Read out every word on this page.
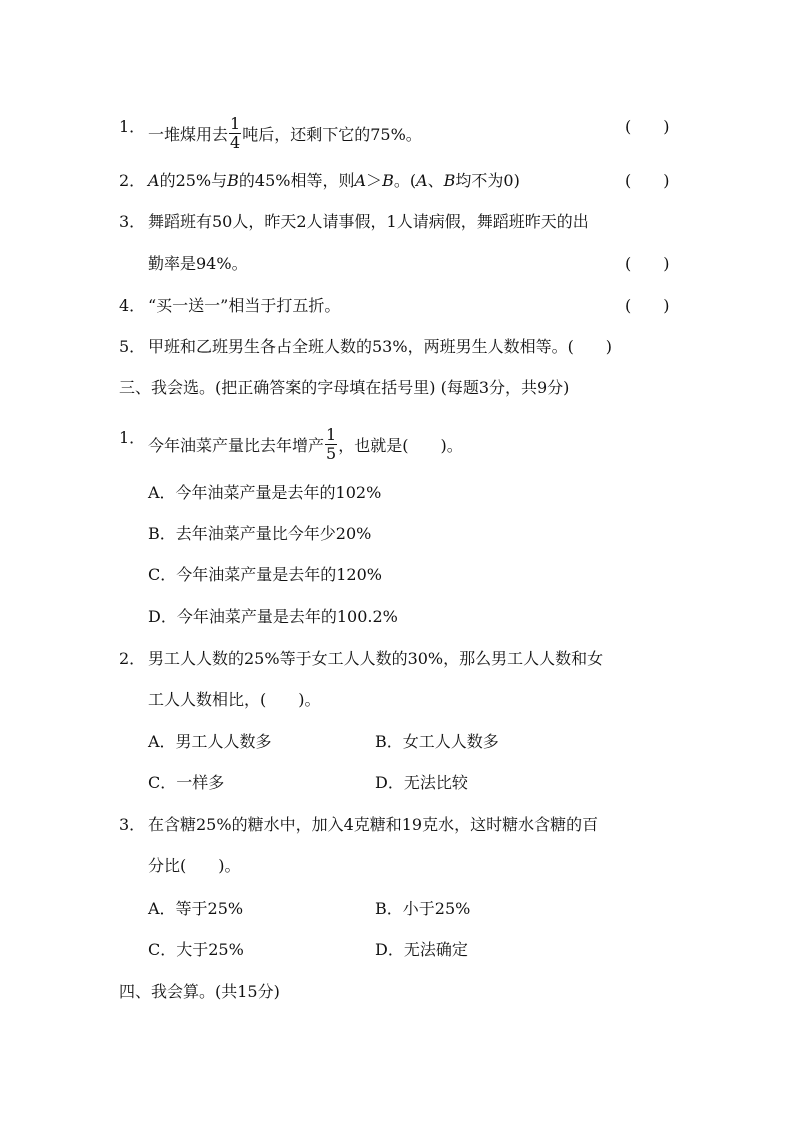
1． 一堆煤用去 $\frac{1}{4}$ 吨后，还剩下它的75%。	(　　)
2． A的25%与B的45%相等，则A＞B。(A、B均不为0)	(　　)
3． 舞蹈班有50人，昨天2人请事假，1人请病假，舞蹈班昨天的出
勤率是94%。	(　　)
4． “买一送一”相当于打五折。	(　　)
5． 甲班和乙班男生各占全班人数的53%，两班男生人数相等。(　　)
三、我会选。(把正确答案的字母填在括号里) (每题3分，共9分)
1． 今年油菜产量比去年增产 $\frac{1}{5}$ ，也就是(　　)。
A．今年油菜产量是去年的102%
B．去年油菜产量比今年少20%
C．今年油菜产量是去年的120%
D．今年油菜产量是去年的100.2%
2． 男工人人数的25%等于女工人人数的30%，那么男工人人数和女
工人人数相比，(　　)。
A．男工人人数多	B．女工人人数多
C．一样多	D．无法比较
3． 在含糖25%的糖水中，加入4克糖和19克水，这时糖水含糖的百
分比(　　)。
A．等于25%	B．小于25%
C．大于25%	D．无法确定
四、我会算。(共15分)
